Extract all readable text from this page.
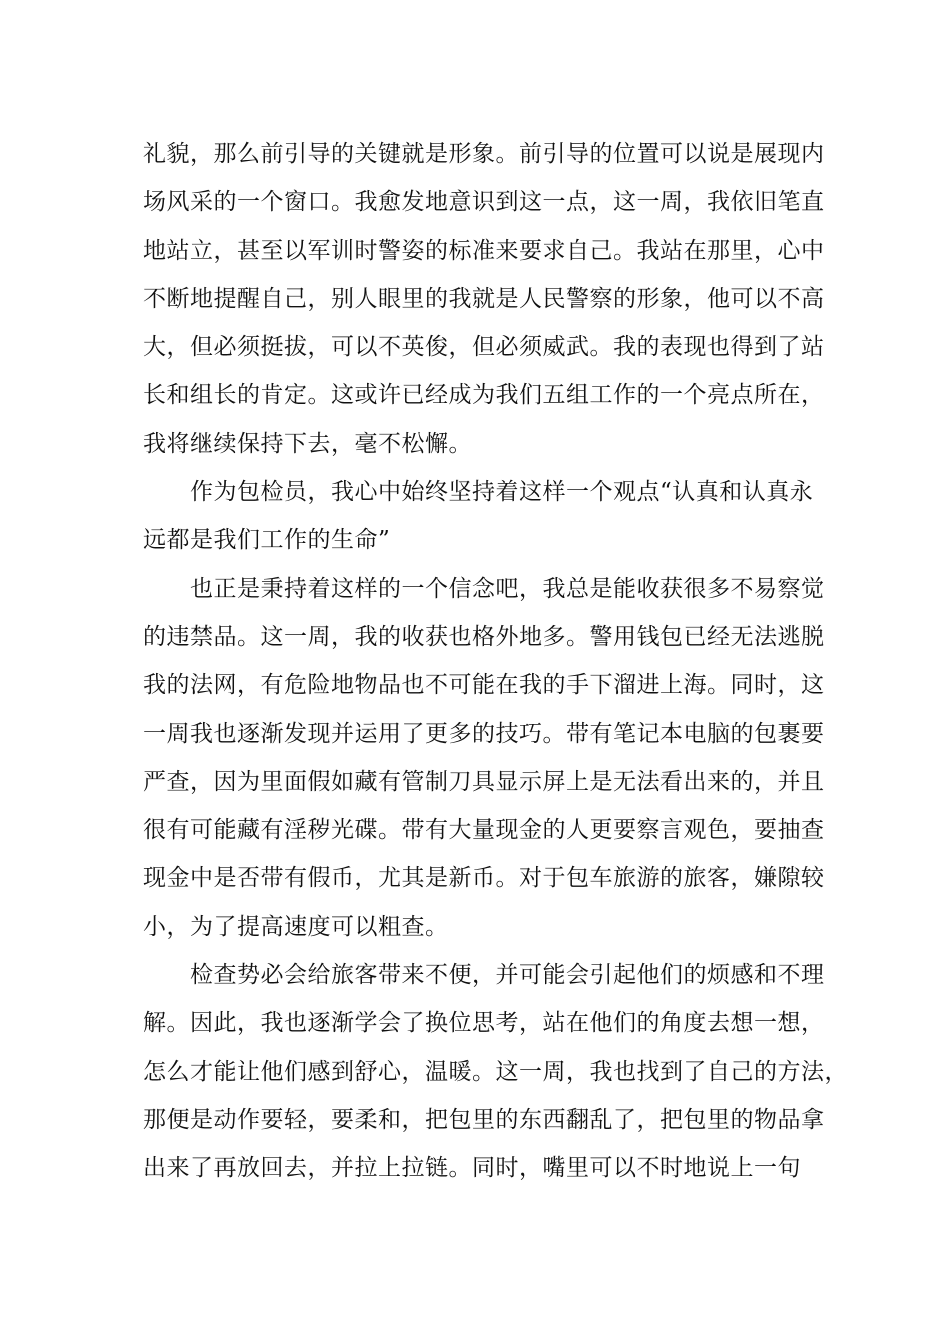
礼貌，那么前引导的关键就是形象。前引导的位置可以说是展现内
场风采的一个窗口。我愈发地意识到这一点，这一周，我依旧笔直
地站立，甚至以军训时警姿的标准来要求自己。我站在那里，心中
不断地提醒自己，别人眼里的我就是人民警察的形象，他可以不高
大，但必须挺拔，可以不英俊，但必须威武。我的表现也得到了站
长和组长的肯定。这或许已经成为我们五组工作的一个亮点所在，
我将继续保持下去，毫不松懈。
作为包检员，我心中始终坚持着这样一个观点“认真和认真永
远都是我们工作的生命”
也正是秉持着这样的一个信念吧，我总是能收获很多不易察觉
的违禁品。这一周，我的收获也格外地多。警用钱包已经无法逃脱
我的法网，有危险地物品也不可能在我的手下溜进上海。同时，这
一周我也逐渐发现并运用了更多的技巧。带有笔记本电脑的包裹要
严查，因为里面假如藏有管制刀具显示屏上是无法看出来的，并且
很有可能藏有淫秽光碟。带有大量现金的人更要察言观色，要抽查
现金中是否带有假币，尤其是新币。对于包车旅游的旅客，嫌隙较
小，为了提高速度可以粗查。
检查势必会给旅客带来不便，并可能会引起他们的烦感和不理
解。因此，我也逐渐学会了换位思考，站在他们的角度去想一想，
怎么才能让他们感到舒心，温暖。这一周，我也找到了自己的方法，
那便是动作要轻，要柔和，把包里的东西翻乱了，把包里的物品拿
出来了再放回去，并拉上拉链。同时，嘴里可以不时地说上一句
